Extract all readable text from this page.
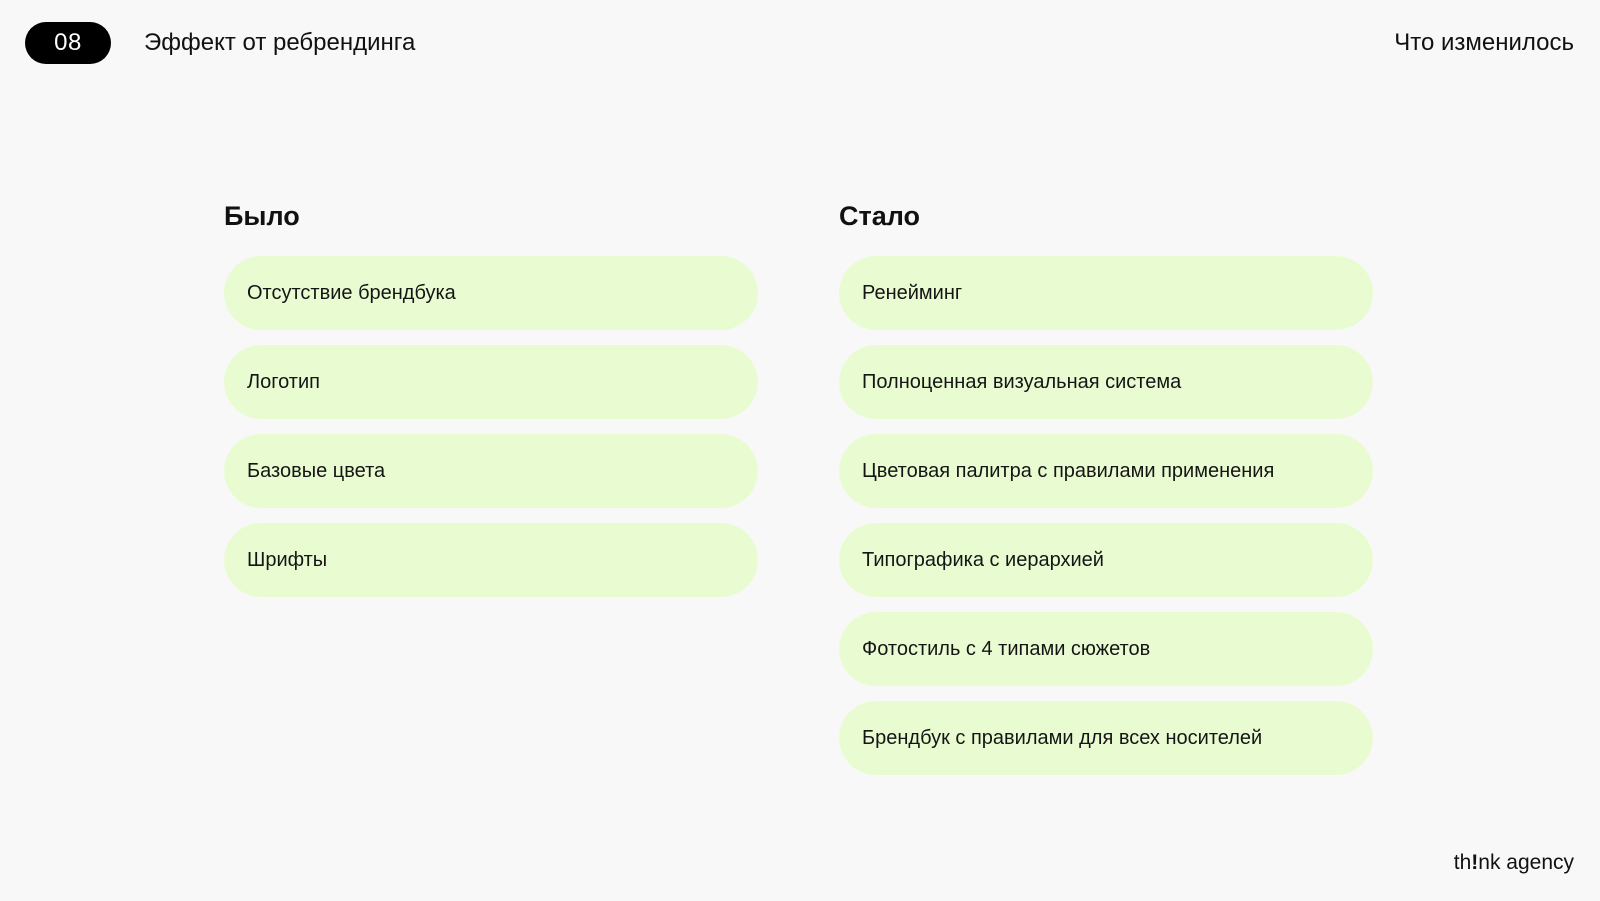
08	Эффект от ребрендинга	Что изменилось
Было
Отсутствие брендбука
Логотип
Базовые цвета
Шрифты
Стало
Ренейминг
Полноценная визуальная система
Цветовая палитра с правилами применения
Типографика с иерархией
Фотостиль с 4 типами сюжетов
Брендбук с правилами для всех носителей
th!nk agency
